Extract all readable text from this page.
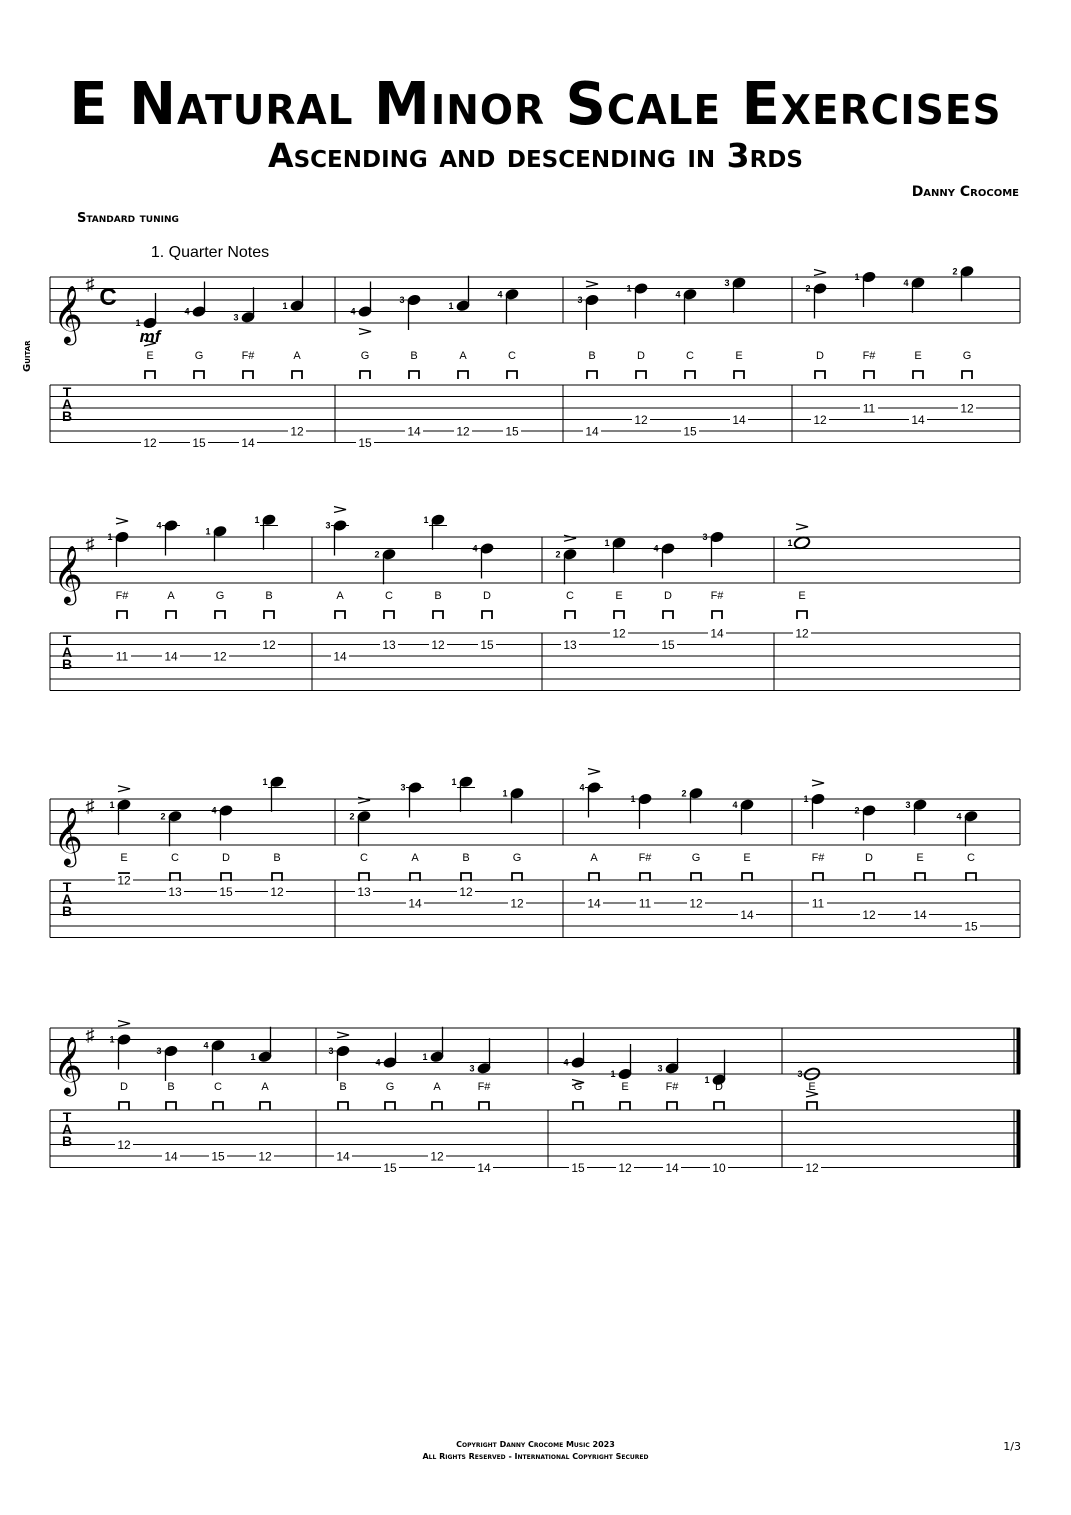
E Natural Minor Scale Exercises
Ascending and descending in 3rds
Danny Crocome
Standard tuning
Guitar
𝄞
♯ C
1. Quarter Notes
mf
T
A
B
1
E
12
4
G
15
3
F#
14
1
A
12
4
G
15
3
B
14
1
A
12
4
C
15
3
B
14
1
D
12
4
C
15
3
E
14
2
D
12
1
F#
11
4
E
14
2
G
12
𝄞
♯
T
A
B
1
F#
11
4
A
14
1
G
12
1
B
12
3
A
14
2
C
13
1
B
12
4
D
15
2
C
13
1
E
12
4
D
15
3
F#
14
1
E
12
𝄞
♯
T
A
B
1
E
12
2
C
13
4
D
15
1
B
12
2
C
13
3
A
14
1
B
12
1
G
12
4
A
14
1
F#
11
2
G
12
4
E
14
1
F#
11
2
D
12
3
E
14
4
C
15
𝄞
♯
T
A
B
1
D
12
3
B
14
4
C
15
1
A
12
3
B
14
4
G
15
1
A
12
3
F#
14
4
G
15
1
E
12
3
F#
14
1
D
10
3
E
12
Copyright Danny Crocome Music 2023
All Rights Reserved - International Copyright Secured
1/3
